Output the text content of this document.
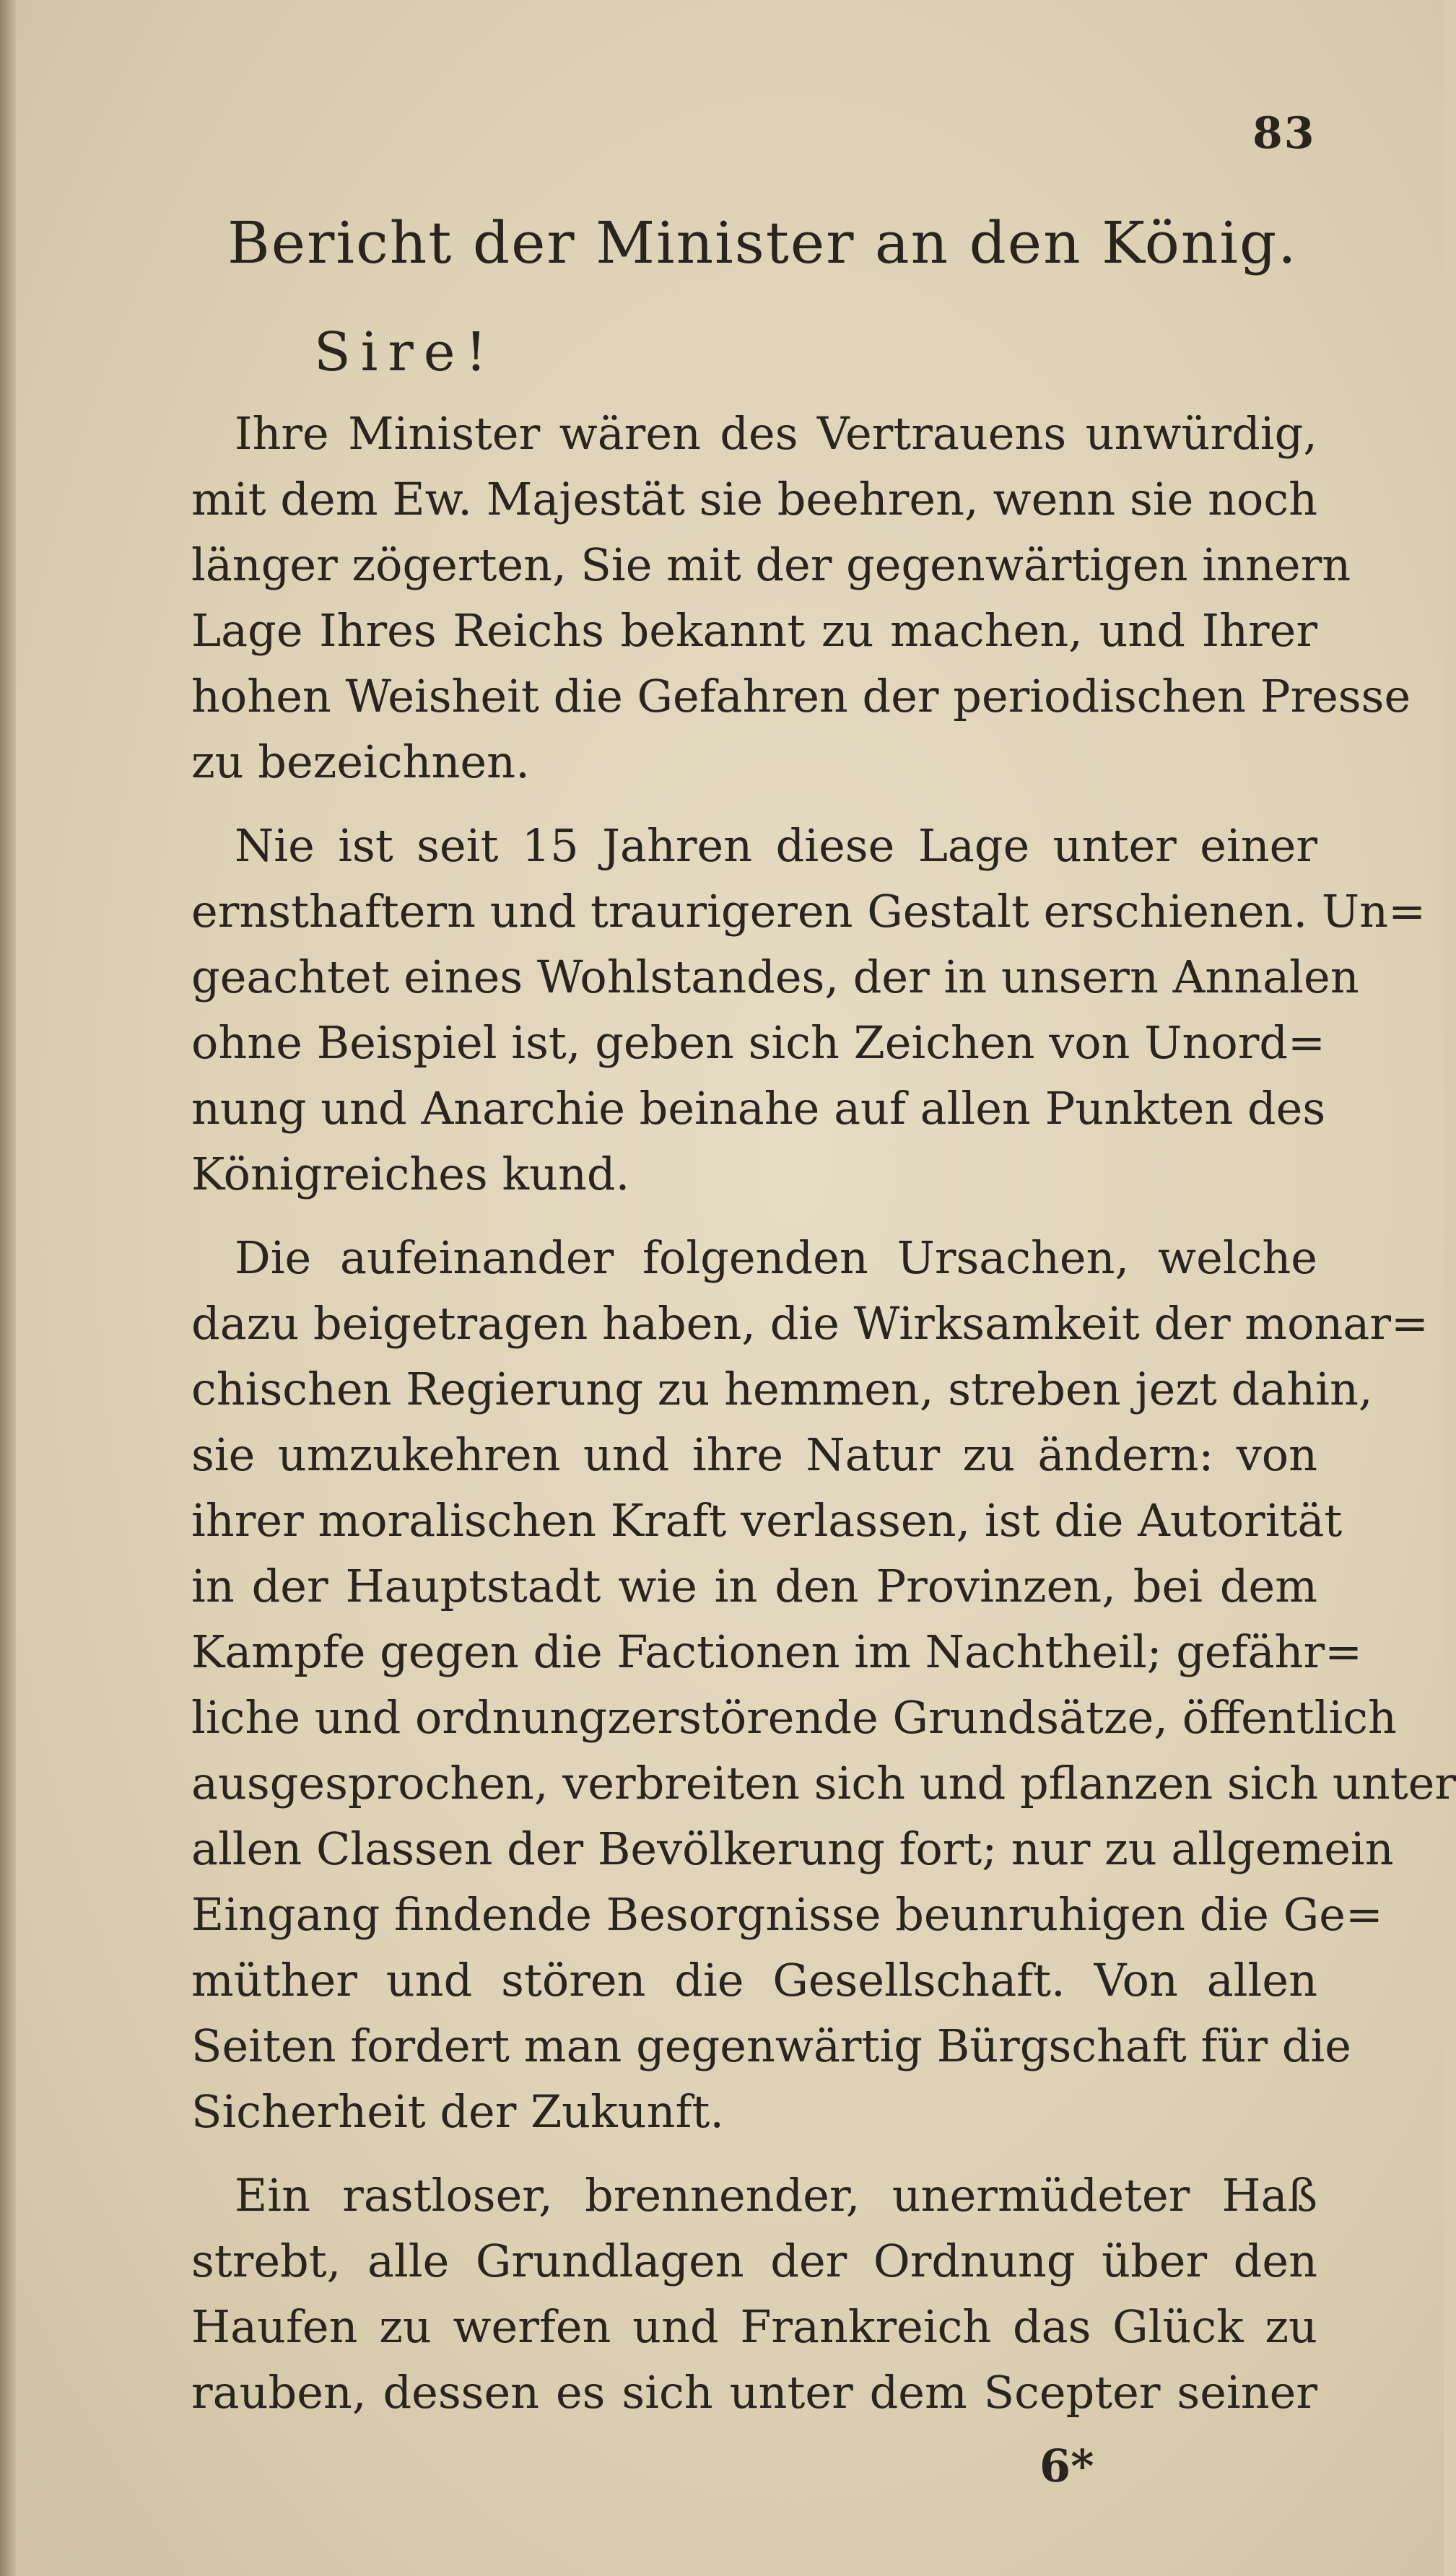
83
Bericht der Minister an den König.
Sire!
Ihre Minister wären des Vertrauens unwürdig,
mit dem Ew. Majestät sie beehren, wenn sie noch
länger zögerten, Sie mit der gegenwärtigen innern
Lage Ihres Reichs bekannt zu machen, und Ihrer
hohen Weisheit die Gefahren der periodischen Presse
zu bezeichnen.
Nie ist seit 15 Jahren diese Lage unter einer
ernsthaftern und traurigeren Gestalt erschienen. Un=
geachtet eines Wohlstandes, der in unsern Annalen
ohne Beispiel ist, geben sich Zeichen von Unord=
nung und Anarchie beinahe auf allen Punkten des
Königreiches kund.
Die aufeinander folgenden Ursachen, welche
dazu beigetragen haben, die Wirksamkeit der monar=
chischen Regierung zu hemmen, streben jezt dahin,
sie umzukehren und ihre Natur zu ändern: von
ihrer moralischen Kraft verlassen, ist die Autorität
in der Hauptstadt wie in den Provinzen, bei dem
Kampfe gegen die Factionen im Nachtheil; gefähr=
liche und ordnungzerstörende Grundsätze, öffentlich
ausgesprochen, verbreiten sich und pflanzen sich unter
allen Classen der Bevölkerung fort; nur zu allgemein
Eingang findende Besorgnisse beunruhigen die Ge=
müther und stören die Gesellschaft. Von allen
Seiten fordert man gegenwärtig Bürgschaft für die
Sicherheit der Zukunft.
Ein rastloser, brennender, unermüdeter Haß
strebt, alle Grundlagen der Ordnung über den
Haufen zu werfen und Frankreich das Glück zu
rauben, dessen es sich unter dem Scepter seiner
6*
